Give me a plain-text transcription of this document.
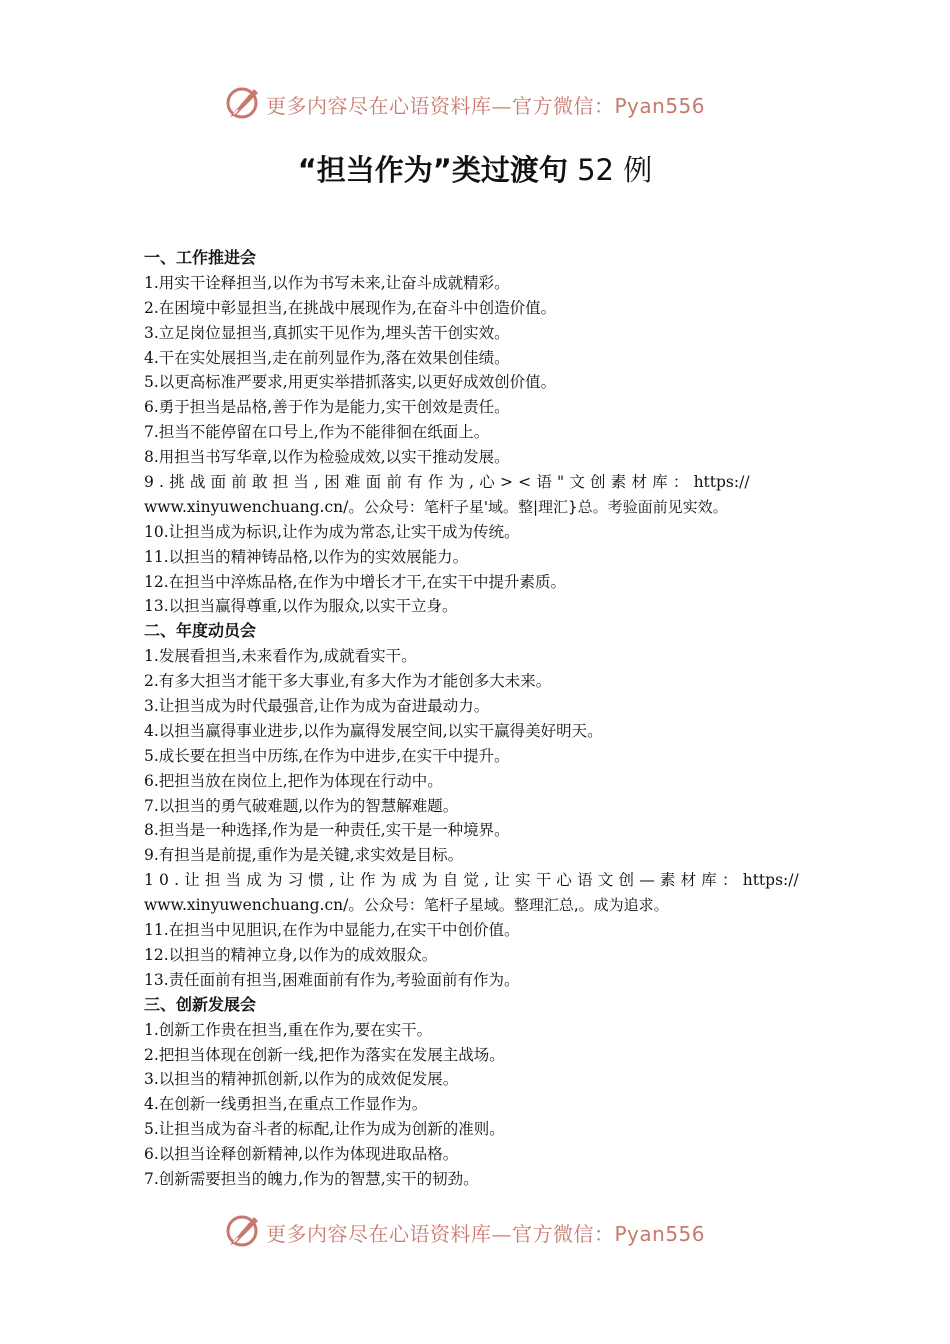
更多内容尽在心语资料库—官方微信：Pyan556
“担当作为”类过渡句 52 例
一、工作推进会
1.用实干诠释担当,以作为书写未来,让奋斗成就精彩。
2.在困境中彰显担当,在挑战中展现作为,在奋斗中创造价值。
3.立足岗位显担当,真抓实干见作为,埋头苦干创实效。
4.干在实处展担当,走在前列显作为,落在效果创佳绩。
5.以更高标准严要求,用更实举措抓落实,以更好成效创价值。
6.勇于担当是品格,善于作为是能力,实干创效是责任。
7.担当不能停留在口号上,作为不能徘徊在纸面上。
8.用担当书写华章,以作为检验成效,以实干推动发展。
9.挑战面前敢担当,困难面前有作为,心><语"文创素材库：https://
www.xinyuwenchuang.cn/。公众号：笔杆子星'域。整|理汇}总。考验面前见实效。
10.让担当成为标识,让作为成为常态,让实干成为传统。
11.以担当的精神铸品格,以作为的实效展能力。
12.在担当中淬炼品格,在作为中增长才干,在实干中提升素质。
13.以担当赢得尊重,以作为服众,以实干立身。
二、年度动员会
1.发展看担当,未来看作为,成就看实干。
2.有多大担当才能干多大事业,有多大作为才能创多大未来。
3.让担当成为时代最强音,让作为成为奋进最动力。
4.以担当赢得事业进步,以作为赢得发展空间,以实干赢得美好明天。
5.成长要在担当中历练,在作为中进步,在实干中提升。
6.把担当放在岗位上,把作为体现在行动中。
7.以担当的勇气破难题,以作为的智慧解难题。
8.担当是一种选择,作为是一种责任,实干是一种境界。
9.有担当是前提,重作为是关键,求实效是目标。
10.让担当成为习惯,让作为成为自觉,让实干心语文创—素材库：https://
www.xinyuwenchuang.cn/。公众号：笔杆子星域。整理汇总,。成为追求。
11.在担当中见胆识,在作为中显能力,在实干中创价值。
12.以担当的精神立身,以作为的成效服众。
13.责任面前有担当,困难面前有作为,考验面前有作为。
三、创新发展会
1.创新工作贵在担当,重在作为,要在实干。
2.把担当体现在创新一线,把作为落实在发展主战场。
3.以担当的精神抓创新,以作为的成效促发展。
4.在创新一线勇担当,在重点工作显作为。
5.让担当成为奋斗者的标配,让作为成为创新的准则。
6.以担当诠释创新精神,以作为体现进取品格。
7.创新需要担当的魄力,作为的智慧,实干的韧劲。
更多内容尽在心语资料库—官方微信：Pyan556
